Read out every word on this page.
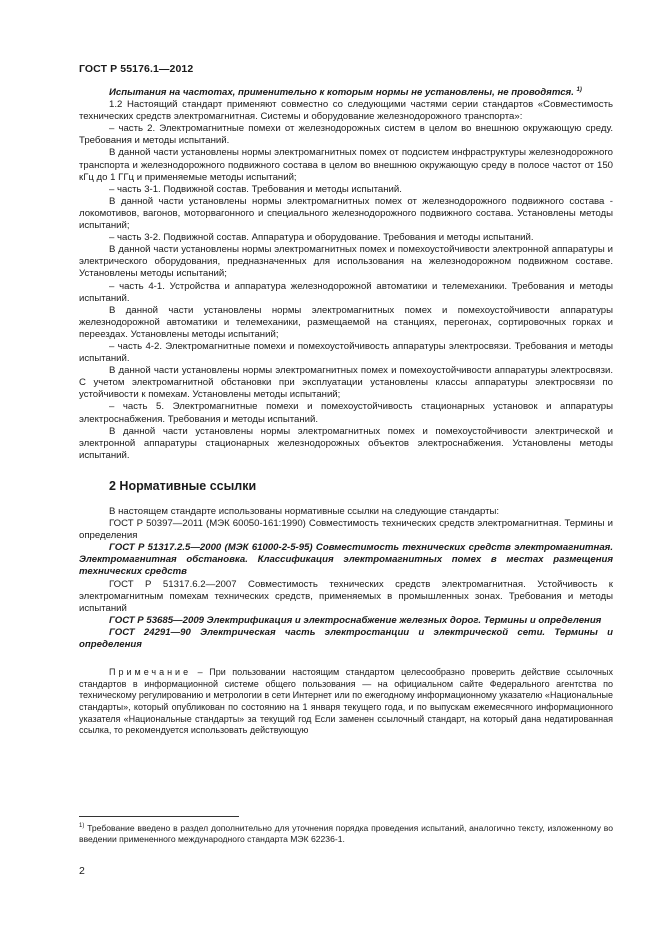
ГОСТ Р 55176.1—2012

Испытания на частотах, применительно к которым нормы не установлены, не проводятся. $^{1)}$

1.2 Настоящий стандарт применяют совместно со следующими частями серии стандартов «Совместимость технических средств электромагнитная. Системы и оборудование железнодорожного транспорта»:

– часть 2. Электромагнитные помехи от железнодорожных систем в целом во внешнюю окружающую среду. Требования и методы испытаний.

В данной части установлены нормы электромагнитных помех от подсистем инфраструктуры железнодорожного транспорта и железнодорожного подвижного состава в целом во внешнюю окружающую среду в полосе частот от 150 кГц до 1 ГГц и применяемые методы испытаний;

– часть 3-1. Подвижной состав. Требования и методы испытаний.

В данной части установлены нормы электромагнитных помех от железнодорожного подвижного состава - локомотивов, вагонов, моторвагонного и специального железнодорожного подвижного состава. Установлены методы испытаний;

– часть 3-2. Подвижной состав. Аппаратура и оборудование. Требования и методы испытаний.

В данной части установлены нормы электромагнитных помех и помехоустойчивости электронной аппаратуры и электрического оборудования, предназначенных для использования на железнодорожном подвижном составе. Установлены методы испытаний;

– часть 4-1. Устройства и аппаратура железнодорожной автоматики и телемеханики. Требования и методы испытаний.

В данной части установлены нормы электромагнитных помех и помехоустойчивости аппаратуры железнодорожной автоматики и телемеханики, размещаемой на станциях, перегонах, сортировочных горках и переездах. Установлены методы испытаний;

– часть 4-2. Электромагнитные помехи и помехоустойчивость аппаратуры электросвязи. Требования и методы испытаний.

В данной части установлены нормы электромагнитных помех и помехоустойчивости аппаратуры электросвязи. С учетом электромагнитной обстановки при эксплуатации установлены классы аппаратуры электросвязи по устойчивости к помехам. Установлены методы испытаний;

– часть 5. Электромагнитные помехи и помехоустойчивость стационарных установок и аппаратуры электроснабжения. Требования и методы испытаний.

В данной части установлены нормы электромагнитных помех и помехоустойчивости электрической и электронной аппаратуры стационарных железнодорожных объектов электроснабжения. Установлены методы испытаний.

2 Нормативные ссылки

В настоящем стандарте использованы нормативные ссылки на следующие стандарты:

ГОСТ Р 50397—2011 (МЭК 60050-161:1990) Совместимость технических средств электромагнитная. Термины и определения

ГОСТ Р 51317.2.5—2000 (МЭК 61000-2-5-95) Совместимость технических средств электромагнитная. Электромагнитная обстановка. Классификация электромагнитных помех в местах размещения технических средств

ГОСТ Р 51317.6.2—2007 Совместимость технических средств электромагнитная. Устойчивость к электромагнитным помехам технических средств, применяемых в промышленных зонах. Требования и методы испытаний

ГОСТ Р 53685—2009 Электрификация и электроснабжение железных дорог. Термины и определения

ГОСТ 24291—90 Электрическая часть электростанции и электрической сети. Термины и определения

Примечание – При пользовании настоящим стандартом целесообразно проверить действие ссылочных стандартов в информационной системе общего пользования — на официальном сайте Федерального агентства по техническому регулированию и метрологии в сети Интернет или по ежегодному информационному указателю «Национальные стандарты», который опубликован по состоянию на 1 января текущего года, и по выпускам ежемесячного информационного указателя «Национальные стандарты» за текущий год Если заменен ссылочный стандарт, на который дана недатированная ссылка, то рекомендуется использовать действующую

$^{1)}$ Требование введено в раздел дополнительно для уточнения порядка проведения испытаний, аналогично тексту, изложенному во введении примененного международного стандарта МЭК 62236-1.
2
